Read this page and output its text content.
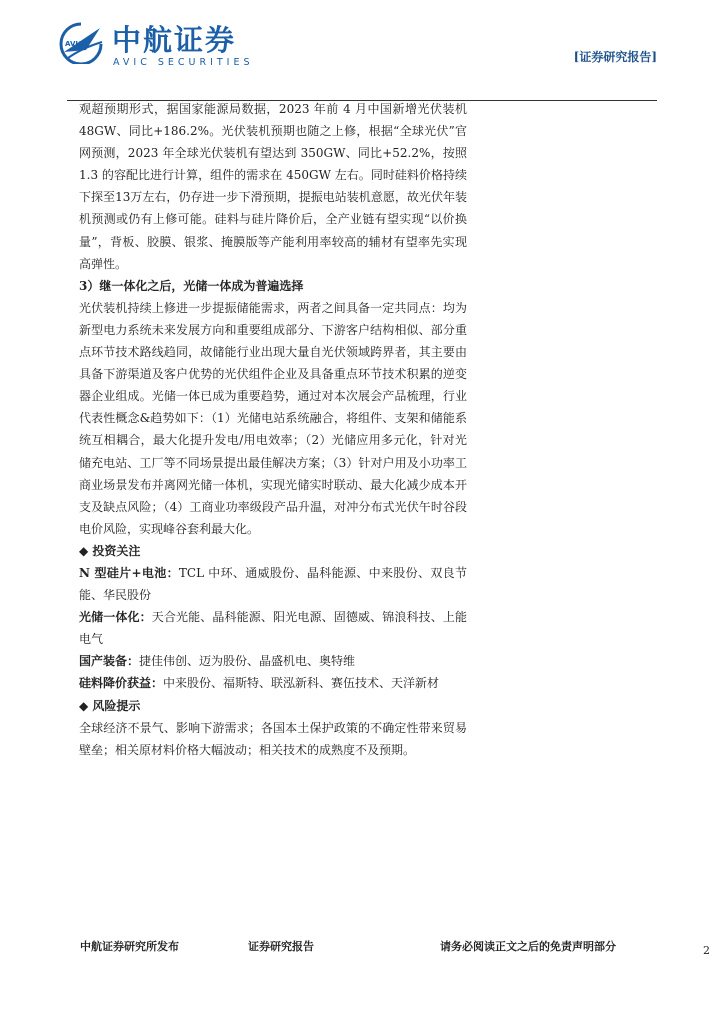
AVIC 中航证券
AVIC SECURITIES	[证券研究报告]

观超预期形式，据国家能源局数据，2023 年前 4 月中国新增光伏装机 48GW、同比+186.2%。光伏装机预期也随之上修，根据“全球光伏”官网预测，2023 年全球光伏装机有望达到 350GW、同比+52.2%，按照 1.3 的容配比进行计算，组件的需求在 450GW 左右。同时硅料价格持续下探至13万左右，仍存进一步下滑预期，提振电站装机意愿，故光伏年装机预测或仍有上修可能。硅料与硅片降价后，全产业链有望实现“以价换量”，背板、胶膜、银浆、掩膜版等产能利用率较高的辅材有望率先实现高弹性。

3）继一体化之后，光储一体成为普遍选择

光伏装机持续上修进一步提振储能需求，两者之间具备一定共同点：均为新型电力系统未来发展方向和重要组成部分、下游客户结构相似、部分重点环节技术路线趋同，故储能行业出现大量自光伏领域跨界者，其主要由具备下游渠道及客户优势的光伏组件企业及具备重点环节技术积累的逆变器企业组成。光储一体已成为重要趋势，通过对本次展会产品梳理，行业代表性概念&趋势如下：（1）光储电站系统融合，将组件、支架和储能系统互相耦合，最大化提升发电/用电效率；（2）光储应用多元化，针对光储充电站、工厂等不同场景提出最佳解决方案；（3）针对户用及小功率工商业场景发布并离网光储一体机，实现光储实时联动、最大化减少成本开支及缺点风险；（4）工商业功率级段产品升温，对冲分布式光伏午时谷段电价风险，实现峰谷套利最大化。

◆ 投资关注

N 型硅片+电池：TCL 中环、通威股份、晶科能源、中来股份、双良节能、华民股份

光储一体化：天合光能、晶科能源、阳光电源、固德威、锦浪科技、上能电气

国产装备：捷佳伟创、迈为股份、晶盛机电、奥特维

硅料降价获益：中来股份、福斯特、联泓新科、赛伍技术、天洋新材

◆ 风险提示

全球经济不景气、影响下游需求；各国本土保护政策的不确定性带来贸易壁垒；相关原材料价格大幅波动；相关技术的成熟度不及预期。

中航证券研究所发布	证券研究报告	请务必阅读正文之后的免责声明部分	2
